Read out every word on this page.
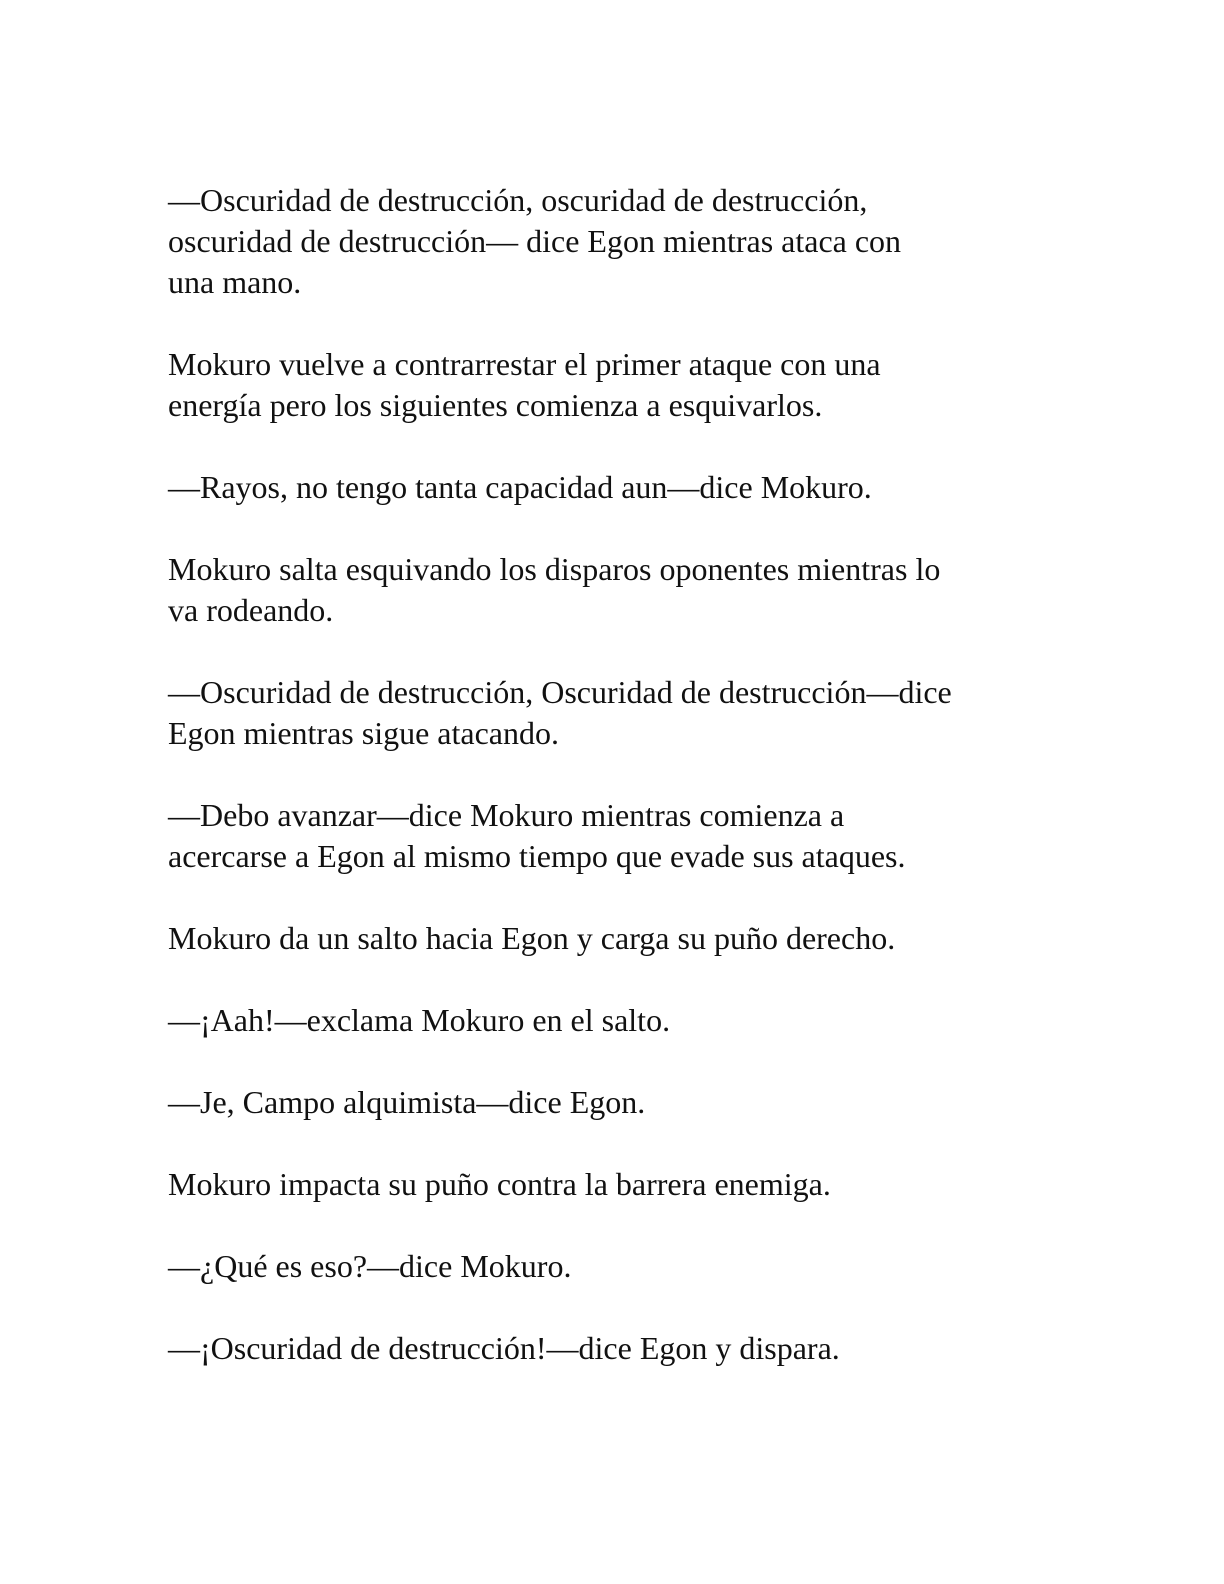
—Oscuridad de destrucción, oscuridad de destrucción,
oscuridad de destrucción— dice Egon mientras ataca con
una mano.

Mokuro vuelve a contrarrestar el primer ataque con una
energía pero los siguientes comienza a esquivarlos.

—Rayos, no tengo tanta capacidad aun—dice Mokuro.

Mokuro salta esquivando los disparos oponentes mientras lo
va rodeando.

—Oscuridad de destrucción, Oscuridad de destrucción—dice
Egon mientras sigue atacando.

—Debo avanzar—dice Mokuro mientras comienza a
acercarse a Egon al mismo tiempo que evade sus ataques.

Mokuro da un salto hacia Egon y carga su puño derecho.

—¡Aah!—exclama Mokuro en el salto.

—Je, Campo alquimista—dice Egon.

Mokuro impacta su puño contra la barrera enemiga.

—¿Qué es eso?—dice Mokuro.

—¡Oscuridad de destrucción!—dice Egon y dispara.
